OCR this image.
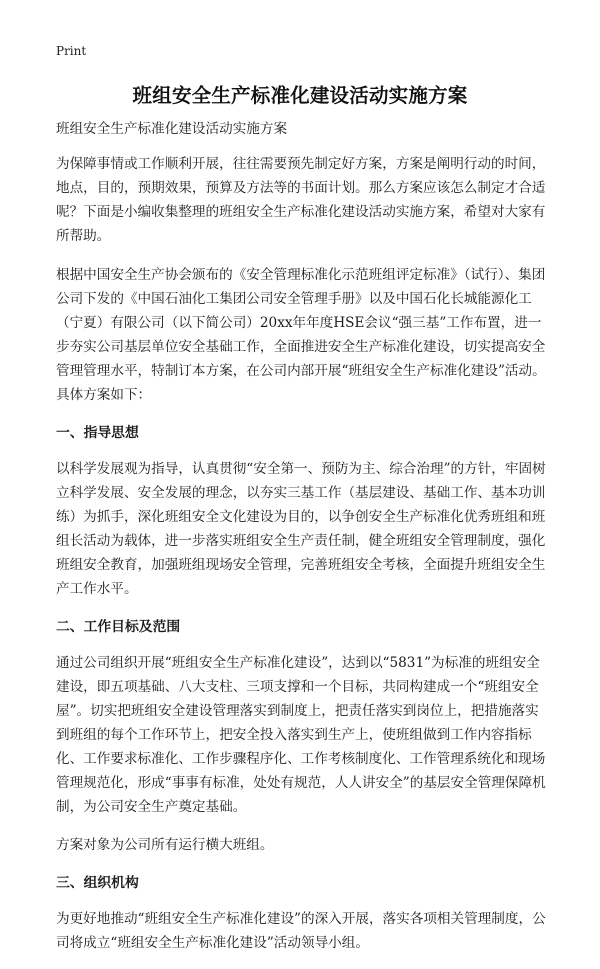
Print
班组安全生产标准化建设活动实施方案

班组安全生产标准化建设活动实施方案

为保障事情或工作顺利开展，往往需要预先制定好方案，方案是阐明行动的时间，地点，目的，预期效果，预算及方法等的书面计划。那么方案应该怎么制定才合适呢？下面是小编收集整理的班组安全生产标准化建设活动实施方案，希望对大家有所帮助。

根据中国安全生产协会颁布的《安全管理标准化示范班组评定标准》（试行）、集团公司下发的《中国石油化工集团公司安全管理手册》以及中国石化长城能源化工（宁夏）有限公司（以下简公司）20xx年年度HSE会议“强三基”工作布置，进一步夯实公司基层单位安全基础工作，全面推进安全生产标准化建设，切实提高安全管理管理水平，特制订本方案，在公司内部开展“班组安全生产标准化建设”活动。具体方案如下：

一、指导思想

以科学发展观为指导，认真贯彻“安全第一、预防为主、综合治理”的方针，牢固树立科学发展、安全发展的理念，以夯实三基工作（基层建设、基础工作、基本功训练）为抓手，深化班组安全文化建设为目的，以争创安全生产标准化优秀班组和班组长活动为载体，进一步落实班组安全生产责任制，健全班组安全管理制度，强化班组安全教育，加强班组现场安全管理，完善班组安全考核，全面提升班组安全生产工作水平。

二、工作目标及范围

通过公司组织开展“班组安全生产标准化建设”，达到以“5831”为标准的班组安全建设，即五项基础、八大支柱、三项支撑和一个目标，共同构建成一个“班组安全屋”。切实把班组安全建设管理落实到制度上，把责任落实到岗位上，把措施落实到班组的每个工作环节上，把安全投入落实到生产上，使班组做到工作内容指标化、工作要求标准化、工作步骤程序化、工作考核制度化、工作管理系统化和现场管理规范化，形成“事事有标准，处处有规范，人人讲安全”的基层安全管理保障机制，为公司安全生产奠定基础。

方案对象为公司所有运行横大班组。

三、组织机构

为更好地推动“班组安全生产标准化建设”的深入开展，落实各项相关管理制度，公司将成立“班组安全生产标准化建设”活动领导小组。
